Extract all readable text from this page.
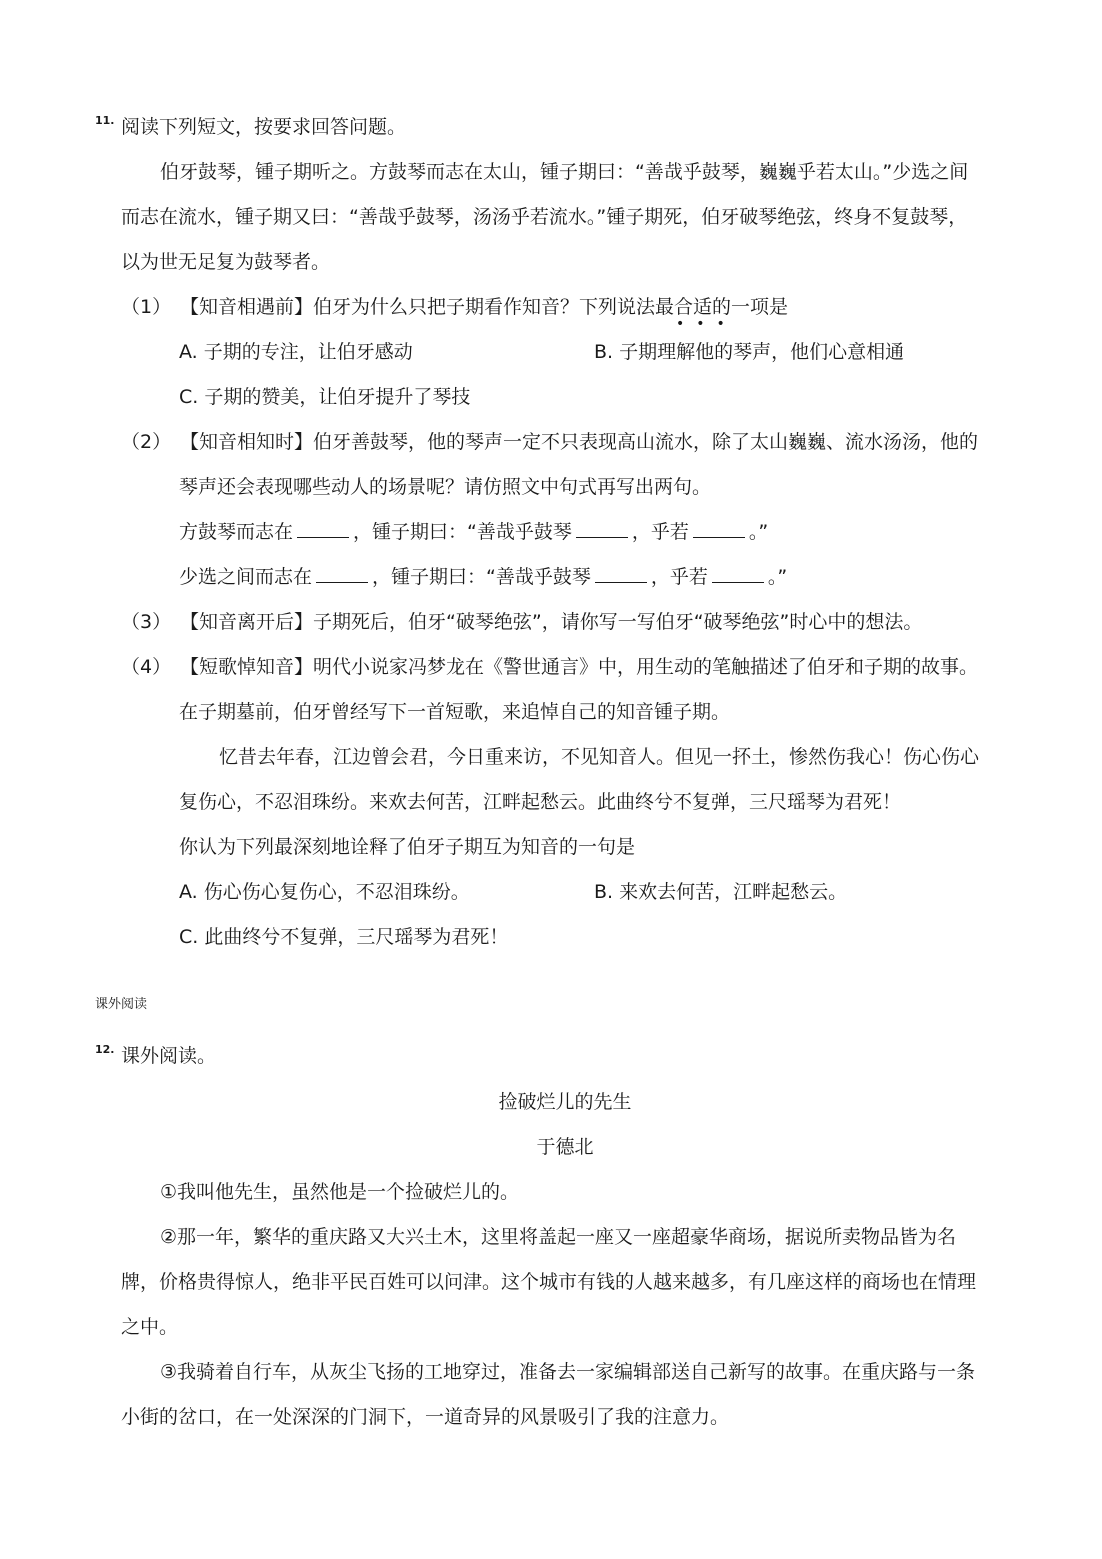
11. 阅读下列短文，按要求回答问题。
伯牙鼓琴，锺子期听之。方鼓琴而志在太山，锺子期曰：“善哉乎鼓琴，巍巍乎若太山。”少选之间
而志在流水，锺子期又曰：“善哉乎鼓琴，汤汤乎若流水。”锺子期死，伯牙破琴绝弦，终身不复鼓琴，
以为世无足复为鼓琴者。
（1） 【知音相遇前】伯牙为什么只把子期看作知音？下列说法最合适的一项是
•••
A. 子期的专注，让伯牙感动	B. 子期理解他的琴声，他们心意相通
C. 子期的赞美，让伯牙提升了琴技
（2） 【知音相知时】伯牙善鼓琴，他的琴声一定不只表现高山流水，除了太山巍巍、流水汤汤，他的
琴声还会表现哪些动人的场景呢？请仿照文中句式再写出两句。
方鼓琴而志在	，锺子期曰：“善哉乎鼓琴	，乎若	。”
少选之间而志在	，锺子期曰：“善哉乎鼓琴	，乎若	。”
（3） 【知音离开后】子期死后，伯牙“破琴绝弦”，请你写一写伯牙“破琴绝弦”时心中的想法。
（4） 【短歌悼知音】明代小说家冯梦龙在《警世通言》中，用生动的笔触描述了伯牙和子期的故事。
在子期墓前，伯牙曾经写下一首短歌，来追悼自己的知音锺子期。
忆昔去年春，江边曾会君，今日重来访，不见知音人。但见一抔土，惨然伤我心！伤心伤心
复伤心，不忍泪珠纷。来欢去何苦，江畔起愁云。此曲终兮不复弹，三尺瑶琴为君死！
你认为下列最深刻地诠释了伯牙子期互为知音的一句是
A. 伤心伤心复伤心，不忍泪珠纷。	B. 来欢去何苦，江畔起愁云。
C. 此曲终兮不复弹，三尺瑶琴为君死！
课外阅读
12. 课外阅读。
捡破烂儿的先生
于德北
①我叫他先生，虽然他是一个捡破烂儿的。
②那一年，繁华的重庆路又大兴土木，这里将盖起一座又一座超豪华商场，据说所卖物品皆为名
牌，价格贵得惊人，绝非平民百姓可以问津。这个城市有钱的人越来越多，有几座这样的商场也在情理
之中。
③我骑着自行车，从灰尘飞扬的工地穿过，准备去一家编辑部送自己新写的故事。在重庆路与一条
小街的岔口，在一处深深的门洞下，一道奇异的风景吸引了我的注意力。
